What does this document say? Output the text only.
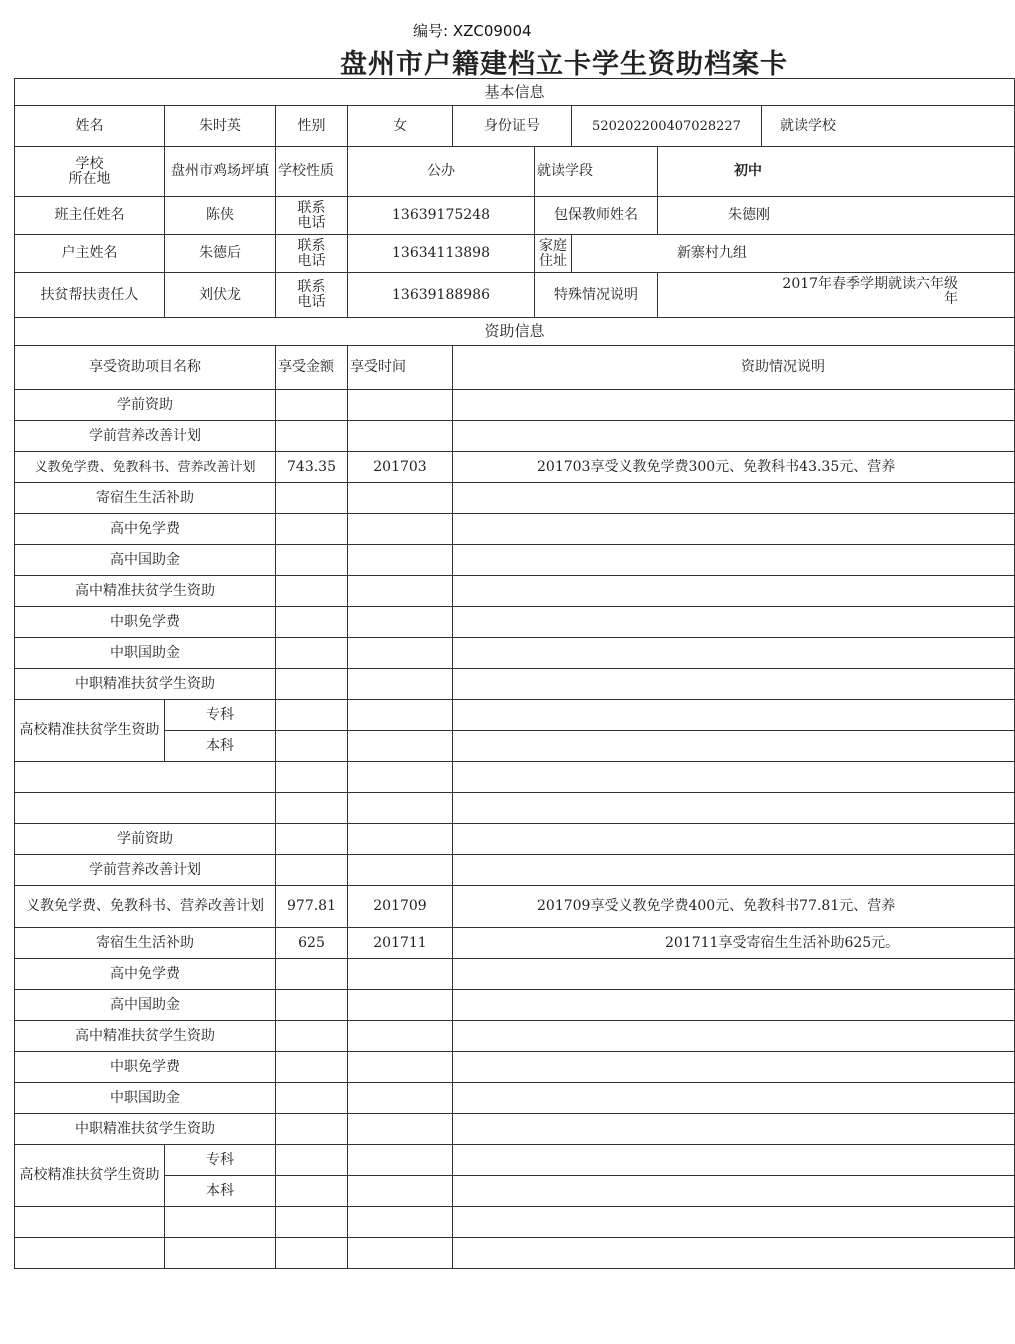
编号: XZC09004
盘州市户籍建档立卡学生资助档案卡
基本信息								
姓名	朱时英	性别	女	身份证号		520202200407028227		就读学校
学校
所在地	盘州市鸡场坪填	学校性质	公办		就读学段		初中	
班主任姓名	陈侠	联系
电话	13639175248		包保教师姓名		朱德刚	
户主姓名	朱德后	联系
电话	13634113898		家庭
住址	新寨村九组		
扶贫帮扶责任人	刘伏龙	联系
电话	13639188986		特殊情况说明		2017年春季学期就读六年级
年	
资助信息								
享受资助项目名称		享受金额	享受时间	资助情况说明				
学前资助								
学前营养改善计划								
义教免学费、免教科书、营养改善计划		743.35	201703	201703享受义教免学费300元、免教科书43.35元、营养				
寄宿生生活补助								
高中免学费								
高中国助金								
高中精准扶贫学生资助								
中职免学费								
中职国助金								
中职精准扶贫学生资助								
高校精准扶贫学生资助	专科							
	本科							

学前资助								
学前营养改善计划								
义教免学费、免教科书、营养改善计划		977.81	201709	201709享受义教免学费400元、免教科书77.81元、营养				
寄宿生生活补助		625	201711	201711享受寄宿生生活补助625元。				
高中免学费								
高中国助金								
高中精准扶贫学生资助								
中职免学费								
中职国助金								
中职精准扶贫学生资助								
高校精准扶贫学生资助	专科							
	本科							
